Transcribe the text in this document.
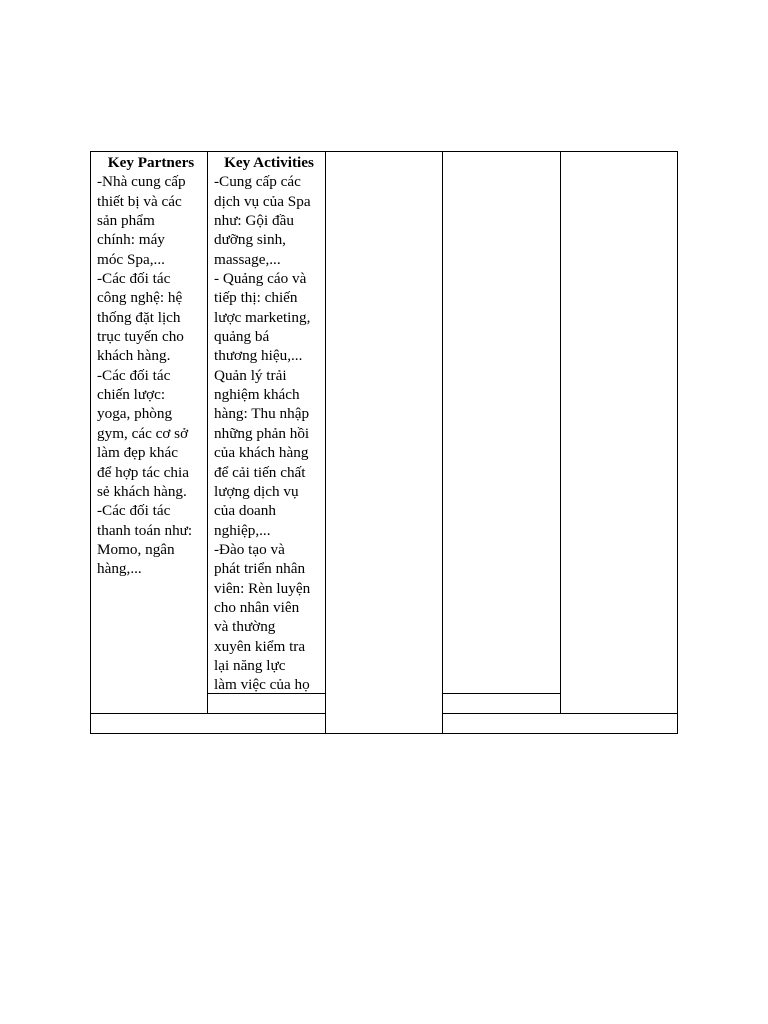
Key Partners
-Nhà cung cấp
thiết bị và các
sản phẩm
chính: máy
móc Spa,...
-Các đối tác
công nghệ: hệ
thống đặt lịch
trục tuyến cho
khách hàng.
-Các đối tác
chiến lược:
yoga, phòng
gym, các cơ sở
làm đẹp khác
để hợp tác chia
sẻ khách hàng.
-Các đối tác
thanh toán như:
Momo, ngân
hàng,...
Key Activities
-Cung cấp các
dịch vụ của Spa
như: Gội đầu
dưỡng sinh,
massage,...
- Quảng cáo và
tiếp thị: chiến
lược marketing,
quảng bá
thương hiệu,...
Quản lý trải
nghiệm khách
hàng: Thu nhập
những phản hồi
của khách hàng
để cải tiến chất
lượng dịch vụ
của doanh
nghiệp,...
-Đào tạo và
phát triển nhân
viên: Rèn luyện
cho nhân viên
và thường
xuyên kiểm tra
lại năng lực
làm việc của họ
